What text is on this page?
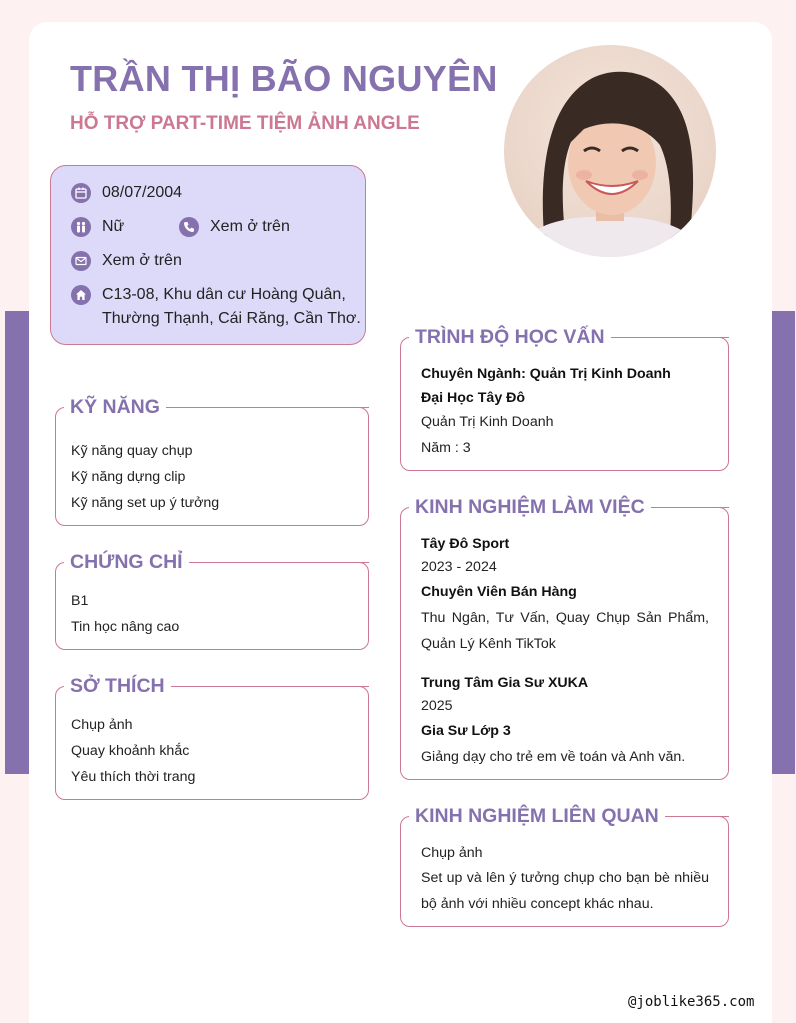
TRẦN THỊ BÃO NGUYÊN
HỖ TRỢ PART-TIME TIỆM ẢNH ANGLE
08/07/2004
Nữ	Xem ở trên
Xem ở trên
C13-08, Khu dân cư Hoàng Quân,
Thường Thạnh, Cái Răng, Cần Thơ.
KỸ NĂNG
Kỹ năng quay chụp
Kỹ năng dựng clip
Kỹ năng set up ý tưởng
CHỨNG CHỈ
B1
Tin học nâng cao
SỞ THÍCH
Chụp ảnh
Quay khoảnh khắc
Yêu thích thời trang
TRÌNH ĐỘ HỌC VẤN
Chuyên Ngành: Quản Trị Kinh Doanh
Đại Học Tây Đô
Quản Trị Kinh Doanh
Năm : 3
KINH NGHIỆM LÀM VIỆC
Tây Đô Sport
2023 - 2024
Chuyên Viên Bán Hàng
Thu Ngân, Tư Vấn, Quay Chụp Sản Phẩm,
Quản Lý Kênh TikTok
Trung Tâm Gia Sư XUKA
2025
Gia Sư Lớp 3
Giảng dạy cho trẻ em về toán và Anh văn.
KINH NGHIỆM LIÊN QUAN
Chụp ảnh
Set up và lên ý tưởng chụp cho bạn bè nhiều
bộ ảnh với nhiều concept khác nhau.
@joblike365.com
